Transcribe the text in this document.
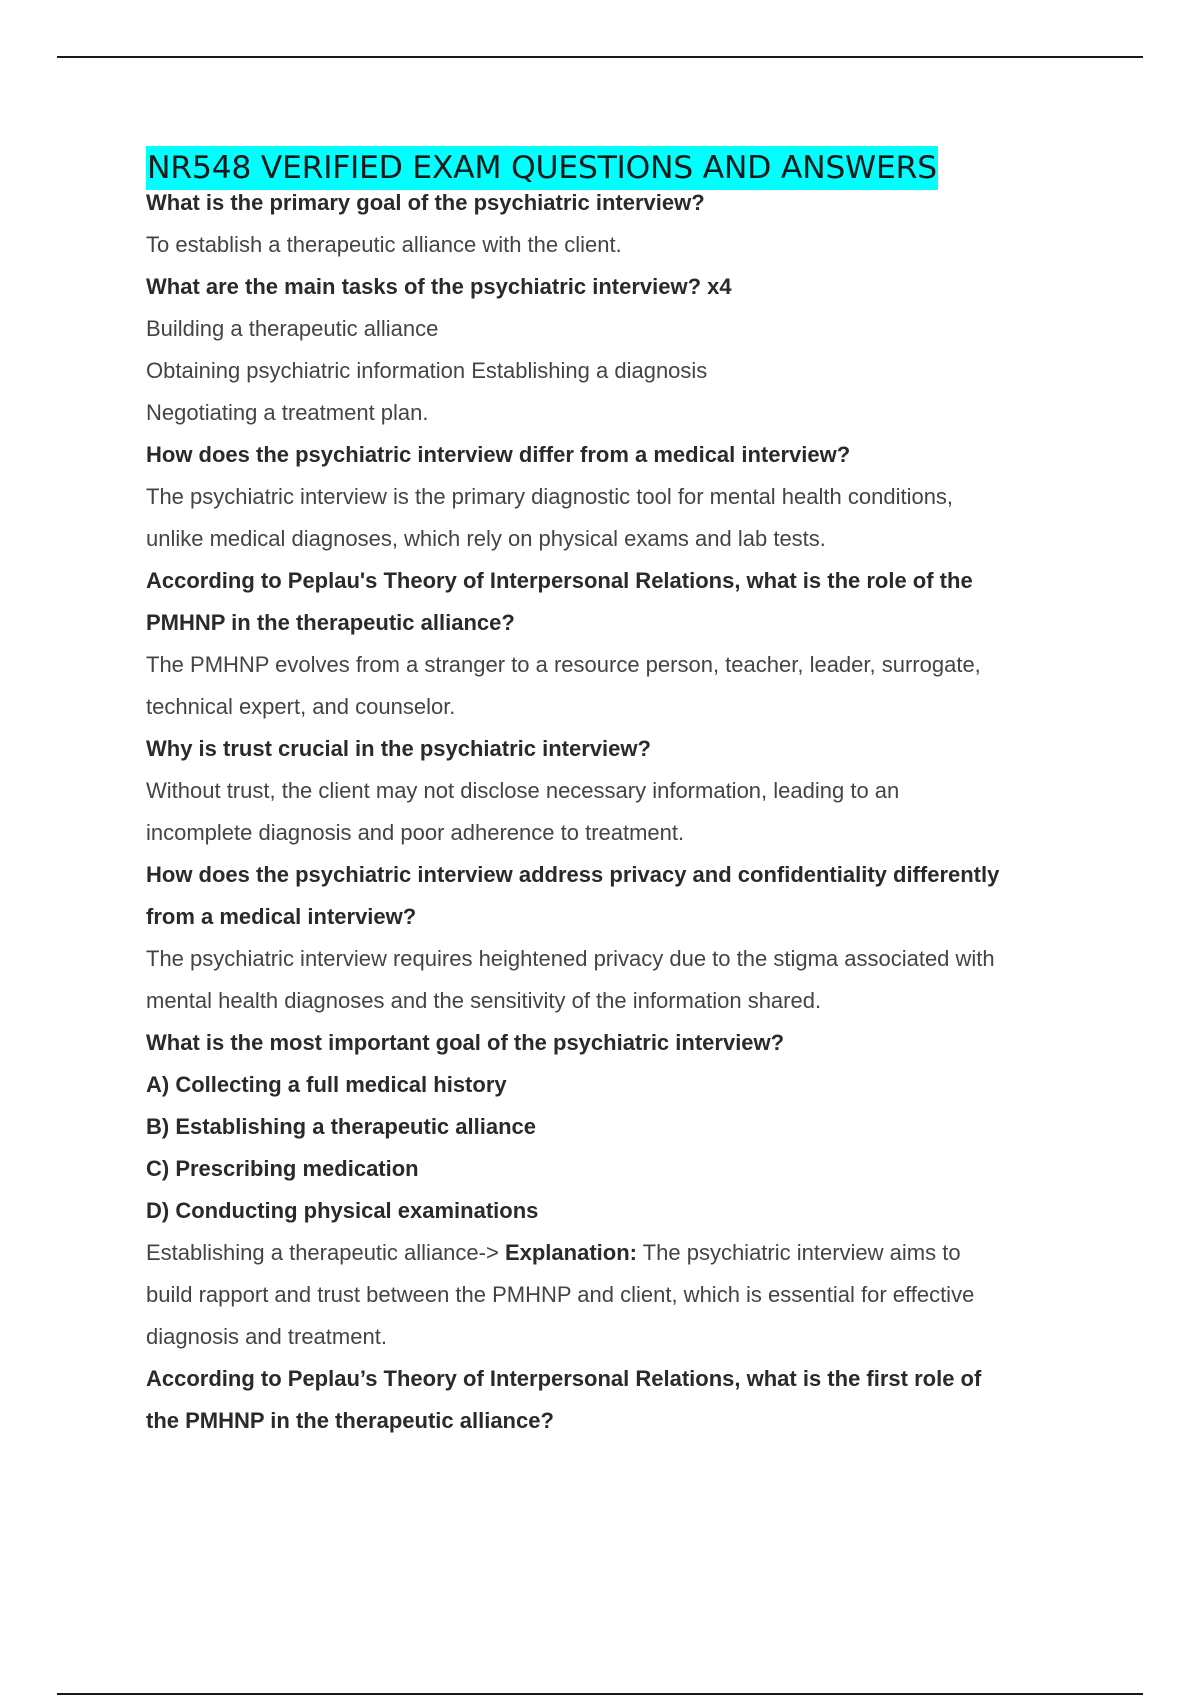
NR548 VERIFIED EXAM QUESTIONS AND ANSWERS
What is the primary goal of the psychiatric interview?
To establish a therapeutic alliance with the client.
What are the main tasks of the psychiatric interview? x4
Building a therapeutic alliance
Obtaining psychiatric information Establishing a diagnosis
Negotiating a treatment plan.
How does the psychiatric interview differ from a medical interview?
The psychiatric interview is the primary diagnostic tool for mental health conditions,
unlike medical diagnoses, which rely on physical exams and lab tests.
According to Peplau's Theory of Interpersonal Relations, what is the role of the
PMHNP in the therapeutic alliance?
The PMHNP evolves from a stranger to a resource person, teacher, leader, surrogate,
technical expert, and counselor.
Why is trust crucial in the psychiatric interview?
Without trust, the client may not disclose necessary information, leading to an
incomplete diagnosis and poor adherence to treatment.
How does the psychiatric interview address privacy and confidentiality differently
from a medical interview?
The psychiatric interview requires heightened privacy due to the stigma associated with
mental health diagnoses and the sensitivity of the information shared.
What is the most important goal of the psychiatric interview?
A) Collecting a full medical history
B) Establishing a therapeutic alliance
C) Prescribing medication
D) Conducting physical examinations
Establishing a therapeutic alliance-> Explanation: The psychiatric interview aims to
build rapport and trust between the PMHNP and client, which is essential for effective
diagnosis and treatment.
According to Peplau’s Theory of Interpersonal Relations, what is the first role of
the PMHNP in the therapeutic alliance?
